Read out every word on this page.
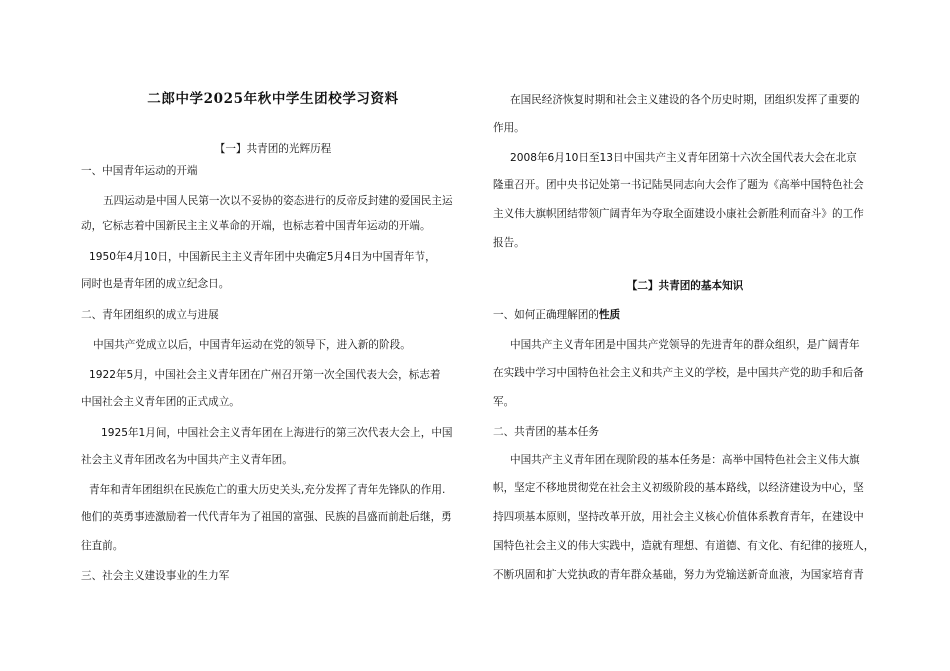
二郎中学2025年秋中学生团校学习资料
【一】共青团的光辉历程
一、中国青年运动的开端
五四运动是中国人民第一次以不妥协的姿态进行的反帝反封建的爱国民主运
动，它标志着中国新民主主义革命的开端，也标志着中国青年运动的开端。
1950年4月10日，中国新民主主义青年团中央确定5月4日为中国青年节，
同时也是青年团的成立纪念日。
二、青年团组织的成立与进展
中国共产党成立以后，中国青年运动在党的领导下，进入新的阶段。
1922年5月，中国社会主义青年团在广州召开第一次全国代表大会，标志着
中国社会主义青年团的正式成立。
1925年1月间，中国社会主义青年团在上海进行的第三次代表大会上，中国
社会主义青年团改名为中国共产主义青年团。
青年和青年团组织在民族危亡的重大历史关头,充分发挥了青年先锋队的作用.
他们的英勇事迹激励着一代代青年为了祖国的富强、民族的昌盛而前赴后继，勇
往直前。
三、社会主义建设事业的生力军
在国民经济恢复时期和社会主义建设的各个历史时期，团组织发挥了重要的
作用。
2008年6月10日至13日中国共产主义青年团第十六次全国代表大会在北京
隆重召开。团中央书记处第一书记陆昊同志向大会作了题为《高举中国特色社会
主义伟大旗帜团结带领广阔青年为夺取全面建设小康社会新胜利而奋斗》的工作
报告。
【二】共青团的基本知识
一、如何正确理解团的性质
中国共产主义青年团是中国共产党领导的先进青年的群众组织，是广阔青年
在实践中学习中国特色社会主义和共产主义的学校，是中国共产党的助手和后备
军。
二、共青团的基本任务
中国共产主义青年团在现阶段的基本任务是：高举中国特色社会主义伟大旗
帜，坚定不移地贯彻党在社会主义初级阶段的基本路线，以经济建设为中心，坚
持四项基本原则，坚持改革开放，用社会主义核心价值体系教育青年，在建设中
国特色社会主义的伟大实践中，造就有理想、有道德、有文化、有纪律的接班人，
不断巩固和扩大党执政的青年群众基础，努力为党输送新奇血液，为国家培育青
